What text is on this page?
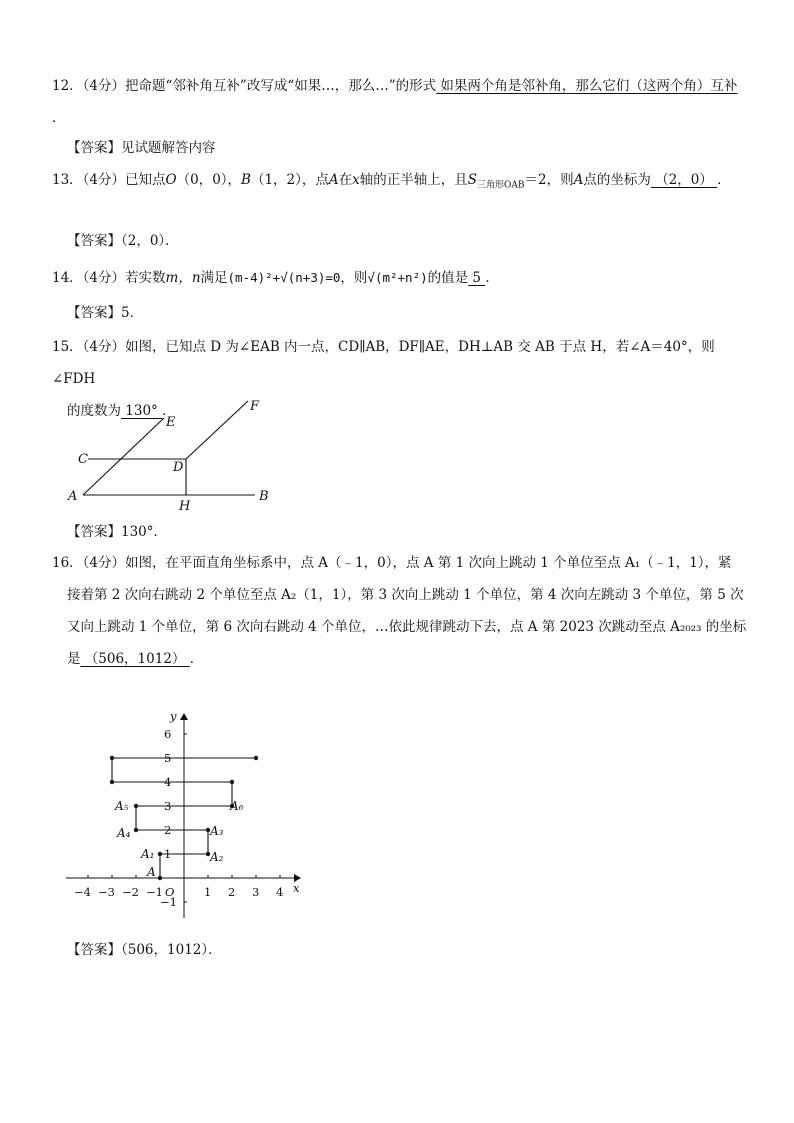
12．（4分）把命题“邻补角互补”改写成“如果…，那么…”的形式 如果两个角是邻补角，那么它们（这两个角）互补 ．
【答案】见试题解答内容
13．（4分）已知点O（0，0），B（1，2），点A在x轴的正半轴上，且$S_{三角形OAB}=2$，则A点的坐标为 （2，0） ．
【答案】（2，0）．
14．（4分）若实数m，n满足(m-4)²+√(n+3)=0，则√(m²+n²)的值是 5 ．
【答案】5．
15．（4分）如图，已知点 D 为∠EAB 内一点，CD∥AB，DF∥AE，DH⊥AB 交 AB 于点 H，若∠A＝40°，则∠FDH
的度数为 130° ．
A	B
C
D
E
F
H
【答案】130°．
16．（4分）如图，在平面直角坐标系中，点 A（﹣1，0），点 A 第 1 次向上跳动 1 个单位至点 A₁（﹣1，1），紧
接着第 2 次向右跳动 2 个单位至点 A₂（1，1），第 3 次向上跳动 1 个单位，第 4 次向左跳动 3 个单位，第 5 次
又向上跳动 1 个单位，第 6 次向右跳动 4 个单位，…依此规律跳动下去，点 A 第 2023 次跳动至点 A₂₀₂₃ 的坐标
是 （506，1012） ．
x
y
O
−4 −3 −2 −1	1 2 3 4
1
2
3
4
5
6
−1
A
A₁	A₂
A₃
A₄
A₅	A₆
【答案】（506，1012）．
